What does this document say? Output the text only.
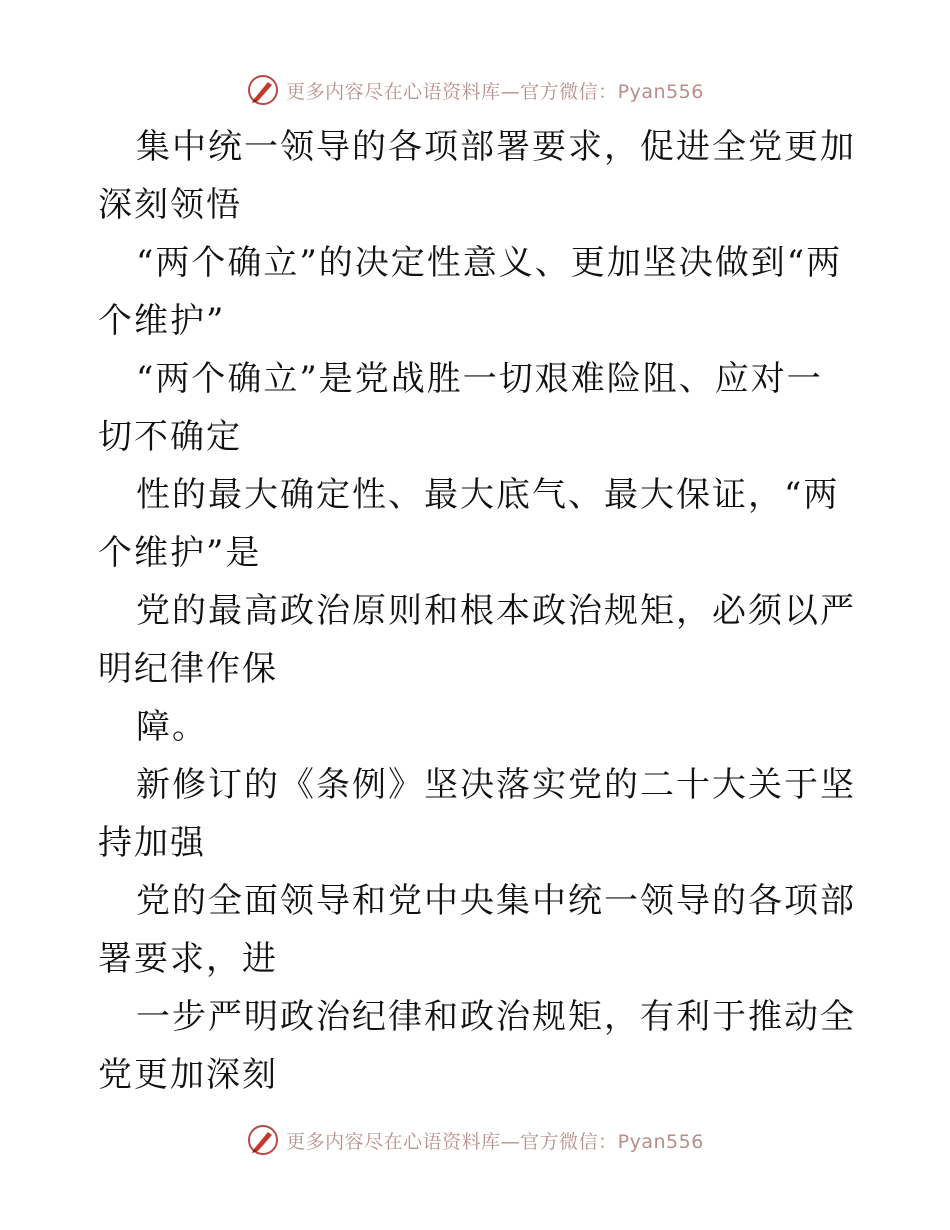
更多内容尽在心语资料库—官方微信：Pyan556

集中统一领导的各项部署要求，促进全党更加深刻领悟

“两个确立”的决定性意义、更加坚决做到“两个维护”

“两个确立”是党战胜一切艰难险阻、应对一切不确定

性的最大确定性、最大底气、最大保证，“两个维护”是

党的最高政治原则和根本政治规矩，必须以严明纪律作保

障。

新修订的《条例》坚决落实党的二十大关于坚持加强

党的全面领导和党中央集中统一领导的各项部署要求，进

一步严明政治纪律和政治规矩，有利于推动全党更加深刻

更多内容尽在心语资料库—官方微信：Pyan556
